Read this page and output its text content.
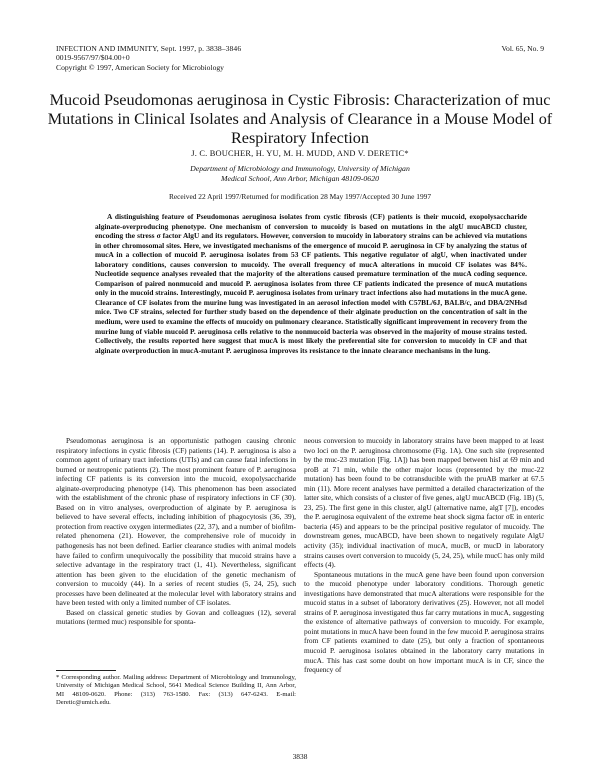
INFECTION AND IMMUNITY, Sept. 1997, p. 3838–3846
0019-9567/97/$04.00+0
Copyright © 1997, American Society for Microbiology
Vol. 65, No. 9
Mucoid Pseudomonas aeruginosa in Cystic Fibrosis: Characterization of muc Mutations in Clinical Isolates and Analysis of Clearance in a Mouse Model of Respiratory Infection
J. C. BOUCHER, H. YU, M. H. MUDD, AND V. DERETIC*
Department of Microbiology and Immunology, University of Michigan
Medical School, Ann Arbor, Michigan 48109-0620
Received 22 April 1997/Returned for modification 28 May 1997/Accepted 30 June 1997
A distinguishing feature of Pseudomonas aeruginosa isolates from cystic fibrosis (CF) patients is their mucoid, exopolysaccharide alginate-overproducing phenotype. One mechanism of conversion to mucoidy is based on mutations in the algU mucABCD cluster, encoding the stress σ factor AlgU and its regulators. However, conversion to mucoidy in laboratory strains can be achieved via mutations in other chromosomal sites. Here, we investigated mechanisms of the emergence of mucoid P. aeruginosa in CF by analyzing the status of mucA in a collection of mucoid P. aeruginosa isolates from 53 CF patients. This negative regulator of algU, when inactivated under laboratory conditions, causes conversion to mucoidy. The overall frequency of mucA alterations in mucoid CF isolates was 84%. Nucleotide sequence analyses revealed that the majority of the alterations caused premature termination of the mucA coding sequence. Comparison of paired nonmucoid and mucoid P. aeruginosa isolates from three CF patients indicated the presence of mucA mutations only in the mucoid strains. Interestingly, mucoid P. aeruginosa isolates from urinary tract infections also had mutations in the mucA gene. Clearance of CF isolates from the murine lung was investigated in an aerosol infection model with C57BL/6J, BALB/c, and DBA/2NHsd mice. Two CF strains, selected for further study based on the dependence of their alginate production on the concentration of salt in the medium, were used to examine the effects of mucoidy on pulmonary clearance. Statistically significant improvement in recovery from the murine lung of viable mucoid P. aeruginosa cells relative to the nonmucoid bacteria was observed in the majority of mouse strains tested. Collectively, the results reported here suggest that mucA is most likely the preferential site for conversion to mucoidy in CF and that alginate overproduction in mucA-mutant P. aeruginosa improves its resistance to the innate clearance mechanisms in the lung.

Pseudomonas aeruginosa is an opportunistic pathogen causing chronic respiratory infections in cystic fibrosis (CF) patients (14). P. aeruginosa is also a common agent of urinary tract infections (UTIs) and can cause fatal infections in burned or neutropenic patients (2). The most prominent feature of P. aeruginosa infecting CF patients is its conversion into the mucoid, exopolysaccharide alginate-overproducing phenotype (14). This phenomenon has been associated with the establishment of the chronic phase of respiratory infections in CF (30). Based on in vitro analyses, overproduction of alginate by P. aeruginosa is believed to have several effects, including inhibition of phagocytosis (36, 39), protection from reactive oxygen intermediates (22, 37), and a number of biofilm-related phenomena (21). However, the comprehensive role of mucoidy in pathogenesis has not been defined. Earlier clearance studies with animal models have failed to confirm unequivocally the possibility that mucoid strains have a selective advantage in the respiratory tract (1, 41). Nevertheless, significant attention has been given to the elucidation of the genetic mechanism of conversion to mucoidy (44). In a series of recent studies (5, 24, 25), such processes have been delineated at the molecular level with laboratory strains and have been tested with only a limited number of CF isolates.

Based on classical genetic studies by Govan and colleagues (12), several mutations (termed muc) responsible for sponta-

neous conversion to mucoidy in laboratory strains have been mapped to at least two loci on the P. aeruginosa chromosome (Fig. 1A). One such site (represented by the muc-23 mutation [Fig. 1A]) has been mapped between hisI at 69 min and proB at 71 min, while the other major locus (represented by the muc-22 mutation) has been found to be cotransducible with the pruAB marker at 67.5 min (11). More recent analyses have permitted a detailed characterization of the latter site, which consists of a cluster of five genes, algU mucABCD (Fig. 1B) (5, 23, 25). The first gene in this cluster, algU (alternative name, algT [7]), encodes the P. aeruginosa equivalent of the extreme heat shock sigma factor σE in enteric bacteria (45) and appears to be the principal positive regulator of mucoidy. The downstream genes, mucABCD, have been shown to negatively regulate AlgU activity (35); individual inactivation of mucA, mucB, or mucD in laboratory strains causes overt conversion to mucoidy (5, 24, 25), while mucC has only mild effects (4).

Spontaneous mutations in the mucA gene have been found upon conversion to the mucoid phenotype under laboratory conditions. Thorough genetic investigations have demonstrated that mucA alterations were responsible for the mucoid status in a subset of laboratory derivatives (25). However, not all model strains of P. aeruginosa investigated thus far carry mutations in mucA, suggesting the existence of alternative pathways of conversion to mucoidy. For example, point mutations in mucA have been found in the few mucoid P. aeruginosa strains from CF patients examined to date (25), but only a fraction of spontaneous mucoid P. aeruginosa isolates obtained in the laboratory carry mutations in mucA. This has cast some doubt on how important mucA is in CF, since the frequency of

* Corresponding author. Mailing address: Department of Microbiology and Immunology, University of Michigan Medical School, 5641 Medical Science Building II, Ann Arbor, MI 48109-0620. Phone: (313) 763-1580. Fax: (313) 647-6243. E-mail: Deretic@umich.edu.
3838
